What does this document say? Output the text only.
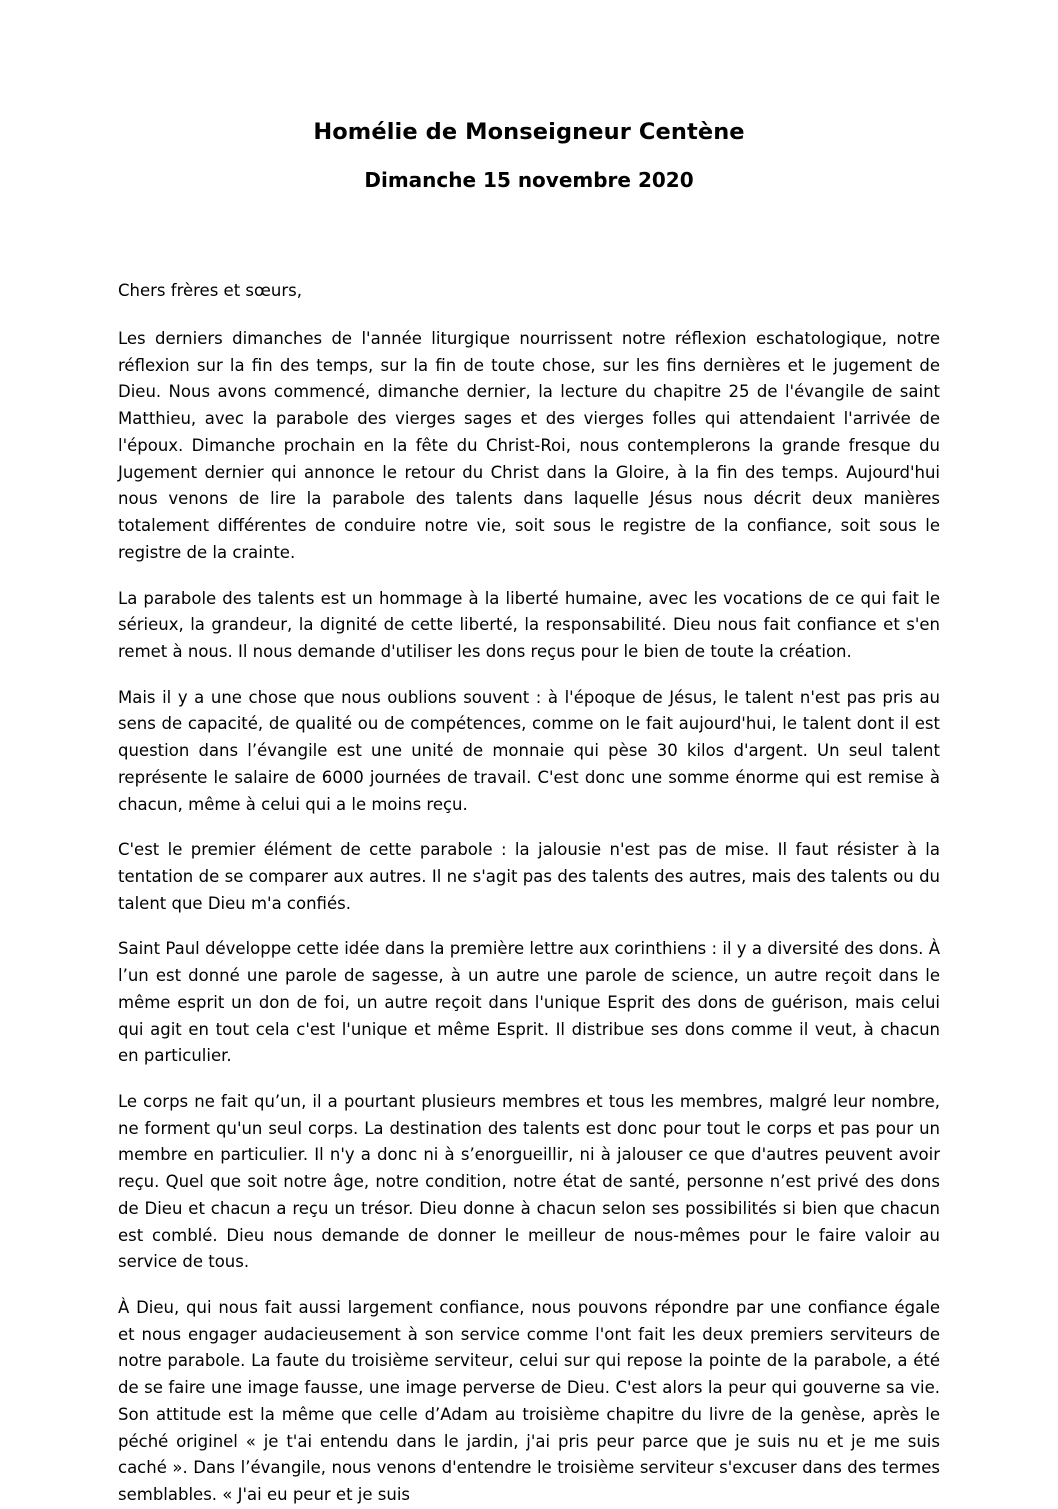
Homélie de Monseigneur Centène
Dimanche 15 novembre 2020

Chers frères et sœurs,

Les derniers dimanches de l'année liturgique nourrissent notre réflexion eschatologique, notre réflexion sur la fin des temps, sur la fin de toute chose, sur les fins dernières et le jugement de Dieu. Nous avons commencé, dimanche dernier, la lecture du chapitre 25 de l'évangile de saint Matthieu, avec la parabole des vierges sages et des vierges folles qui attendaient l'arrivée de l'époux. Dimanche prochain en la fête du Christ-Roi, nous contemplerons la grande fresque du Jugement dernier qui annonce le retour du Christ dans la Gloire, à la fin des temps. Aujourd'hui nous venons de lire la parabole des talents dans laquelle Jésus nous décrit deux manières totalement différentes de conduire notre vie, soit sous le registre de la confiance, soit sous le registre de la crainte.

La parabole des talents est un hommage à la liberté humaine, avec les vocations de ce qui fait le sérieux, la grandeur, la dignité de cette liberté, la responsabilité. Dieu nous fait confiance et s'en remet à nous. Il nous demande d'utiliser les dons reçus pour le bien de toute la création.

Mais il y a une chose que nous oublions souvent : à l'époque de Jésus, le talent n'est pas pris au sens de capacité, de qualité ou de compétences, comme on le fait aujourd'hui, le talent dont il est question dans l’évangile est une unité de monnaie qui pèse 30 kilos d'argent. Un seul talent représente le salaire de 6000 journées de travail. C'est donc une somme énorme qui est remise à chacun, même à celui qui a le moins reçu.

C'est le premier élément de cette parabole : la jalousie n'est pas de mise. Il faut résister à la tentation de se comparer aux autres. Il ne s'agit pas des talents des autres, mais des talents ou du talent que Dieu m'a confiés.

Saint Paul développe cette idée dans la première lettre aux corinthiens : il y a diversité des dons. À l’un est donné une parole de sagesse, à un autre une parole de science, un autre reçoit dans le même esprit un don de foi, un autre reçoit dans l'unique Esprit des dons de guérison, mais celui qui agit en tout cela c'est l'unique et même Esprit. Il distribue ses dons comme il veut, à chacun en particulier.

Le corps ne fait qu’un, il a pourtant plusieurs membres et tous les membres, malgré leur nombre, ne forment qu'un seul corps. La destination des talents est donc pour tout le corps et pas pour un membre en particulier. Il n'y a donc ni à s’enorgueillir, ni à jalouser ce que d'autres peuvent avoir reçu. Quel que soit notre âge, notre condition, notre état de santé, personne n’est privé des dons de Dieu et chacun a reçu un trésor. Dieu donne à chacun selon ses possibilités si bien que chacun est comblé. Dieu nous demande de donner le meilleur de nous-mêmes pour le faire valoir au service de tous.

À Dieu, qui nous fait aussi largement confiance, nous pouvons répondre par une confiance égale et nous engager audacieusement à son service comme l'ont fait les deux premiers serviteurs de notre parabole. La faute du troisième serviteur, celui sur qui repose la pointe de la parabole, a été de se faire une image fausse, une image perverse de Dieu. C'est alors la peur qui gouverne sa vie. Son attitude est la même que celle d’Adam au troisième chapitre du livre de la genèse, après le péché originel « je t'ai entendu dans le jardin, j'ai pris peur parce que je suis nu et je me suis caché ». Dans l’évangile, nous venons d'entendre le troisième serviteur s'excuser dans des termes semblables. « J'ai eu peur et je suis
